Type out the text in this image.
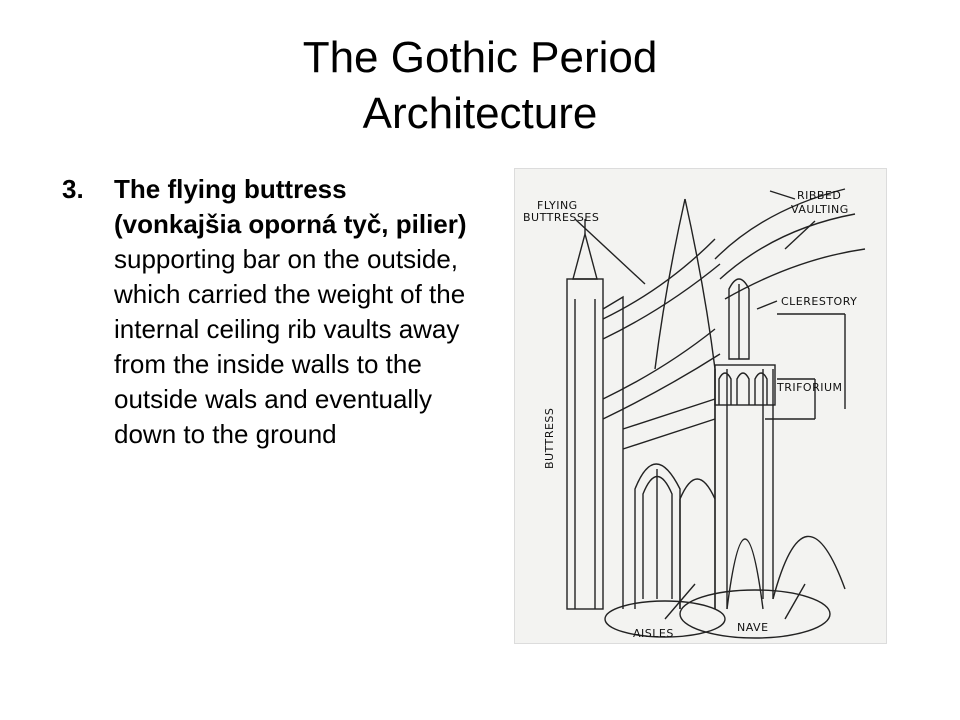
The Gothic Period
Architecture
3. The flying buttress (vonkajšia oporná tyč, pilier) supporting bar on the outside, which carried the weight of the internal ceiling rib vaults away from the inside walls to the outside wals and eventually down to the ground
FLYING
BUTTRESSES
RIBBED
VAULTING
CLERESTORY
TRIFORIUM
BUTTRESS
AISLES	NAVE
